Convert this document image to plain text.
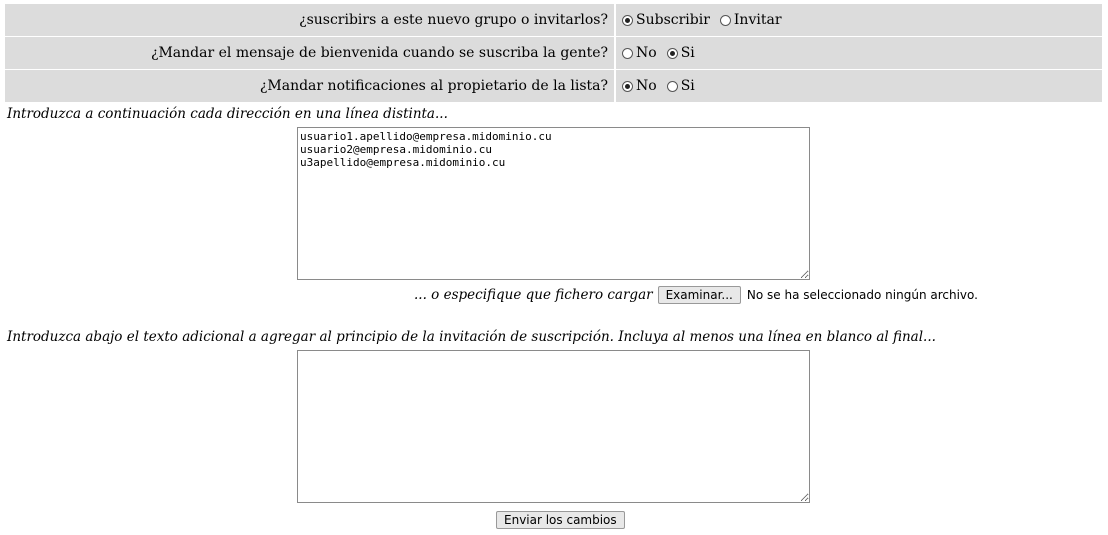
¿suscribirs a este nuevo grupo o invitarlos?	Subscribir Invitar
¿Mandar el mensaje de bienvenida cuando se suscriba la gente?	No Si
¿Mandar notificaciones al propietario de la lista?	No Si
Introduzca a continuación cada dirección en una línea distinta...
usuario1.apellido@empresa.midominio.cu usuario2@empresa.midominio.cu u3apellido@empresa.midominio.cu
... o especifique que fichero cargar	Examinar...	No se ha seleccionado ningún archivo.
Introduzca abajo el texto adicional a agregar al principio de la invitación de suscripción. Incluya al menos una línea en blanco al final...
Enviar los cambios
